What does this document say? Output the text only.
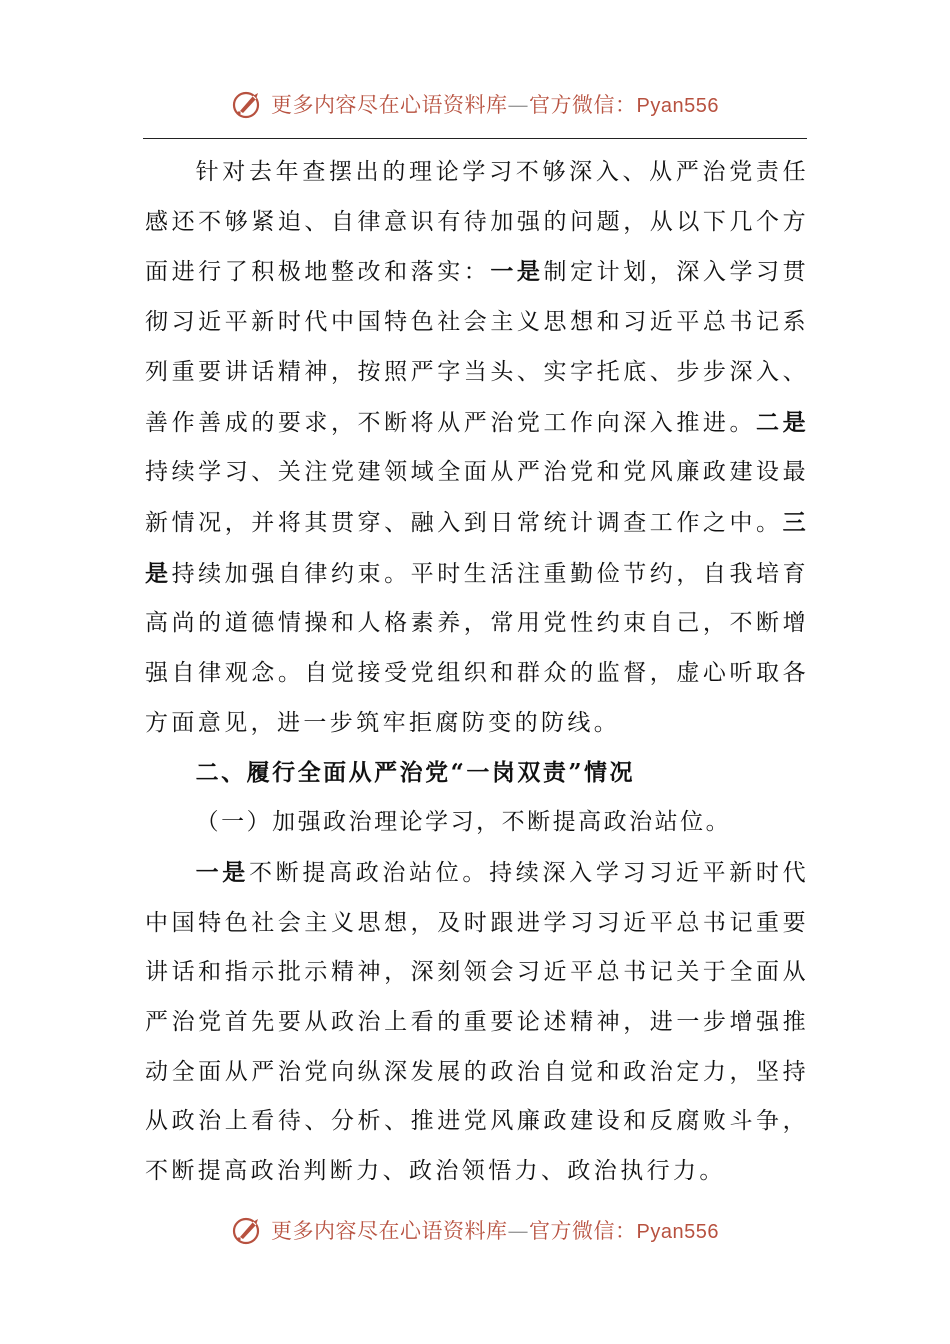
更多内容尽在心语资料库—官方微信：Pyan556

针对去年查摆出的理论学习不够深入、从严治党责任感还不够紧迫、自律意识有待加强的问题，从以下几个方面进行了积极地整改和落实：一是制定计划，深入学习贯彻习近平新时代中国特色社会主义思想和习近平总书记系列重要讲话精神，按照严字当头、实字托底、步步深入、善作善成的要求，不断将从严治党工作向深入推进。二是持续学习、关注党建领域全面从严治党和党风廉政建设最新情况，并将其贯穿、融入到日常统计调查工作之中。三是持续加强自律约束。平时生活注重勤俭节约，自我培育高尚的道德情操和人格素养，常用党性约束自己，不断增强自律观念。自觉接受党组织和群众的监督，虚心听取各方面意见，进一步筑牢拒腐防变的防线。

二、履行全面从严治党“一岗双责”情况
（一）加强政治理论学习，不断提高政治站位。

一是不断提高政治站位。持续深入学习习近平新时代中国特色社会主义思想，及时跟进学习习近平总书记重要讲话和指示批示精神，深刻领会习近平总书记关于全面从严治党首先要从政治上看的重要论述精神，进一步增强推动全面从严治党向纵深发展的政治自觉和政治定力，坚持从政治上看待、分析、推进党风廉政建设和反腐败斗争，不断提高政治判断力、政治领悟力、政治执行力。

更多内容尽在心语资料库—官方微信：Pyan556
